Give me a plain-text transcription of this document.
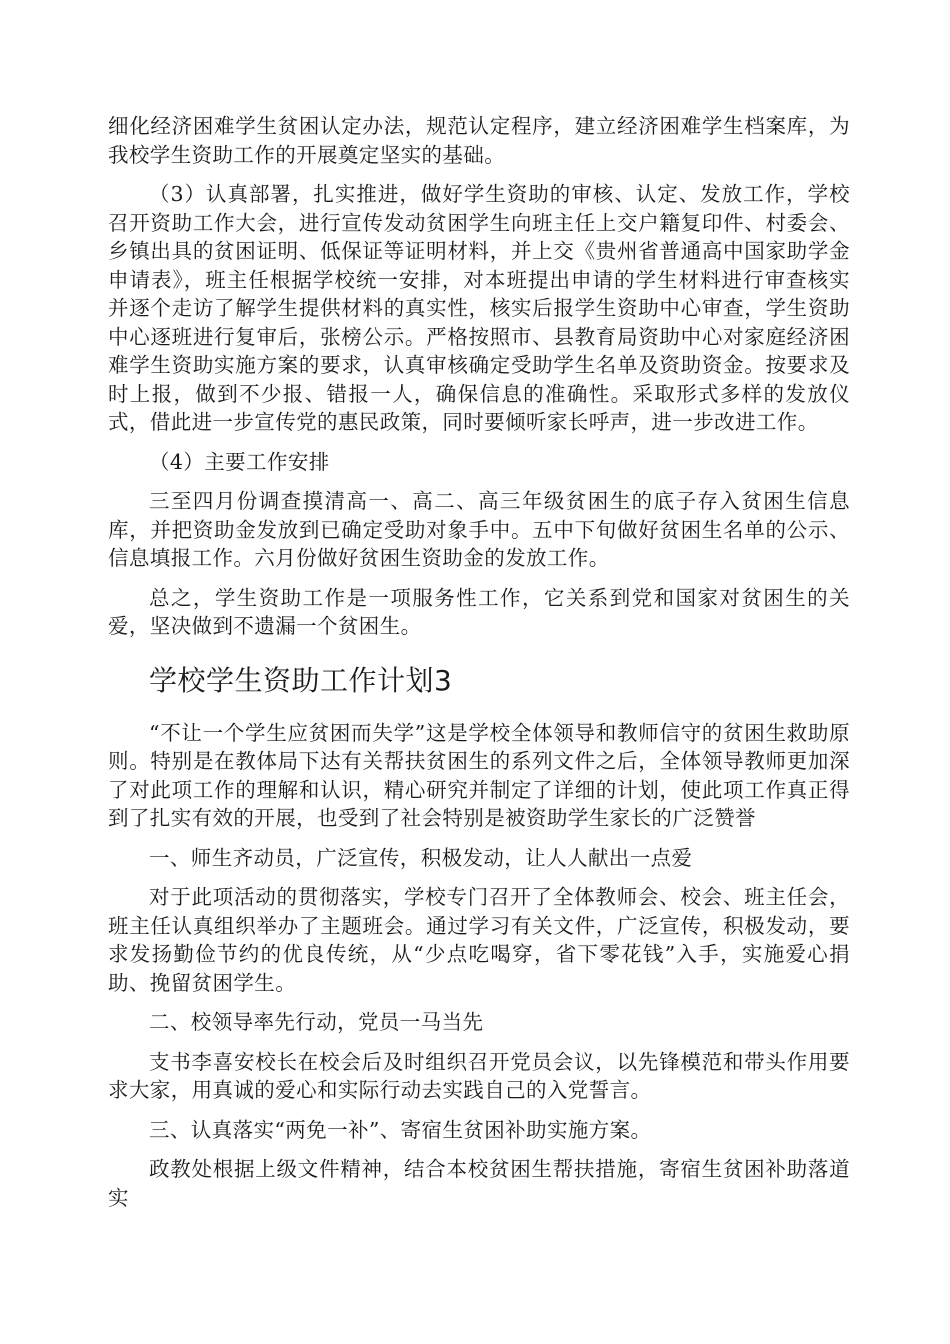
细化经济困难学生贫困认定办法，规范认定程序，建立经济困难学生档案库，为我校学生资助工作的开展奠定坚实的基础。

（3）认真部署，扎实推进，做好学生资助的审核、认定、发放工作，学校召开资助工作大会，进行宣传发动贫困学生向班主任上交户籍复印件、村委会、乡镇出具的贫困证明、低保证等证明材料，并上交《贵州省普通高中国家助学金申请表》，班主任根据学校统一安排，对本班提出申请的学生材料进行审查核实并逐个走访了解学生提供材料的真实性，核实后报学生资助中心审查，学生资助中心逐班进行复审后，张榜公示。严格按照市、县教育局资助中心对家庭经济困难学生资助实施方案的要求，认真审核确定受助学生名单及资助资金。按要求及时上报，做到不少报、错报一人，确保信息的准确性。采取形式多样的发放仪式，借此进一步宣传党的惠民政策，同时要倾听家长呼声，进一步改进工作。

（4）主要工作安排

三至四月份调查摸清高一、高二、高三年级贫困生的底子存入贫困生信息库，并把资助金发放到已确定受助对象手中。五中下旬做好贫困生名单的公示、信息填报工作。六月份做好贫困生资助金的发放工作。

总之，学生资助工作是一项服务性工作，它关系到党和国家对贫困生的关爱，坚决做到不遗漏一个贫困生。

学校学生资助工作计划3

“不让一个学生应贫困而失学”这是学校全体领导和教师信守的贫困生救助原则。特别是在教体局下达有关帮扶贫困生的系列文件之后，全体领导教师更加深了对此项工作的理解和认识，精心研究并制定了详细的计划，使此项工作真正得到了扎实有效的开展，也受到了社会特别是被资助学生家长的广泛赞誉

一、师生齐动员，广泛宣传，积极发动，让人人献出一点爱

对于此项活动的贯彻落实，学校专门召开了全体教师会、校会、班主任会，班主任认真组织举办了主题班会。通过学习有关文件，广泛宣传，积极发动，要求发扬勤俭节约的优良传统，从“少点吃喝穿，省下零花钱”入手，实施爱心捐助、挽留贫困学生。

二、校领导率先行动，党员一马当先

支书李喜安校长在校会后及时组织召开党员会议，以先锋模范和带头作用要求大家，用真诚的爱心和实际行动去实践自己的入党誓言。

三、认真落实“两免一补”、寄宿生贫困补助实施方案。

政教处根据上级文件精神，结合本校贫困生帮扶措施，寄宿生贫困补助落道实
